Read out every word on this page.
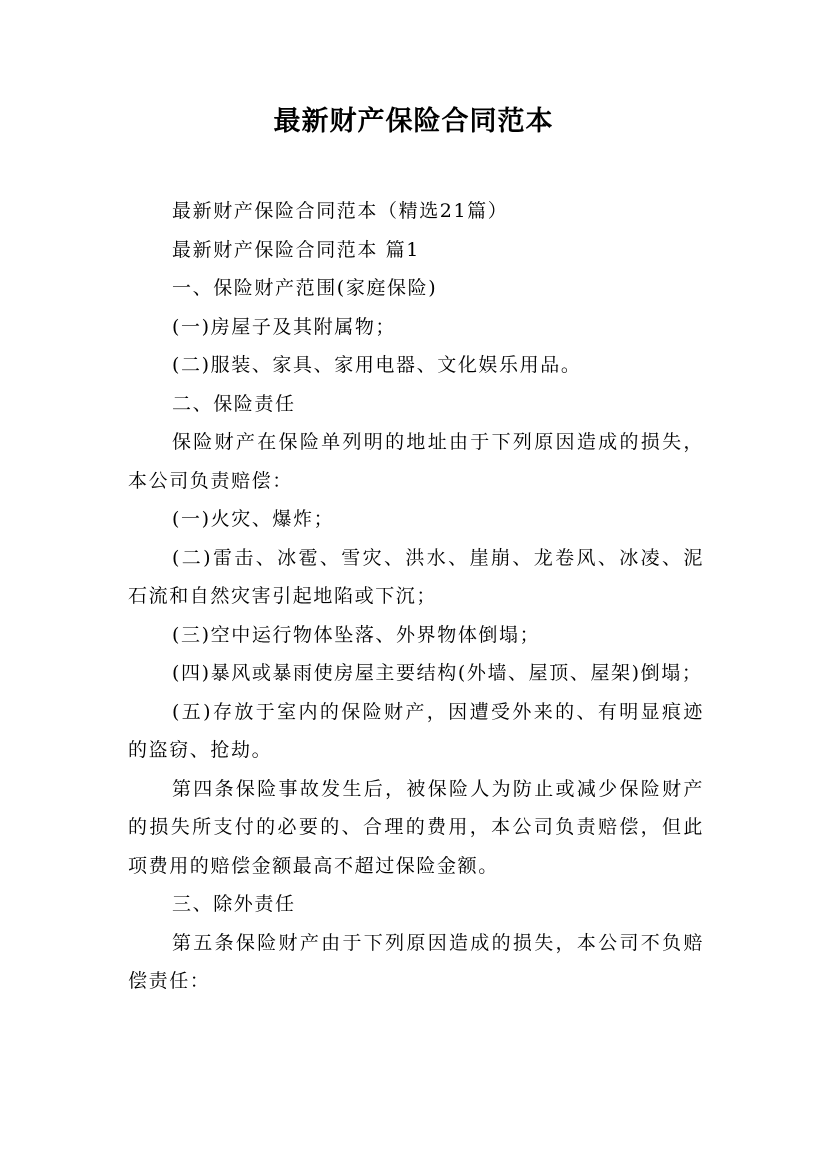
最新财产保险合同范本

最新财产保险合同范本（精选21篇）

最新财产保险合同范本 篇1

一、保险财产范围(家庭保险)

(一)房屋子及其附属物；

(二)服装、家具、家用电器、文化娱乐用品。

二、保险责任

保险财产在保险单列明的地址由于下列原因造成的损失，本公司负责赔偿：

(一)火灾、爆炸；

(二)雷击、冰雹、雪灾、洪水、崖崩、龙卷风、冰凌、泥石流和自然灾害引起地陷或下沉；

(三)空中运行物体坠落、外界物体倒塌；

(四)暴风或暴雨使房屋主要结构(外墙、屋顶、屋架)倒塌；

(五)存放于室内的保险财产，因遭受外来的、有明显痕迹的盗窃、抢劫。

第四条保险事故发生后，被保险人为防止或减少保险财产的损失所支付的必要的、合理的费用，本公司负责赔偿，但此项费用的赔偿金额最高不超过保险金额。

三、除外责任

第五条保险财产由于下列原因造成的损失，本公司不负赔偿责任：
